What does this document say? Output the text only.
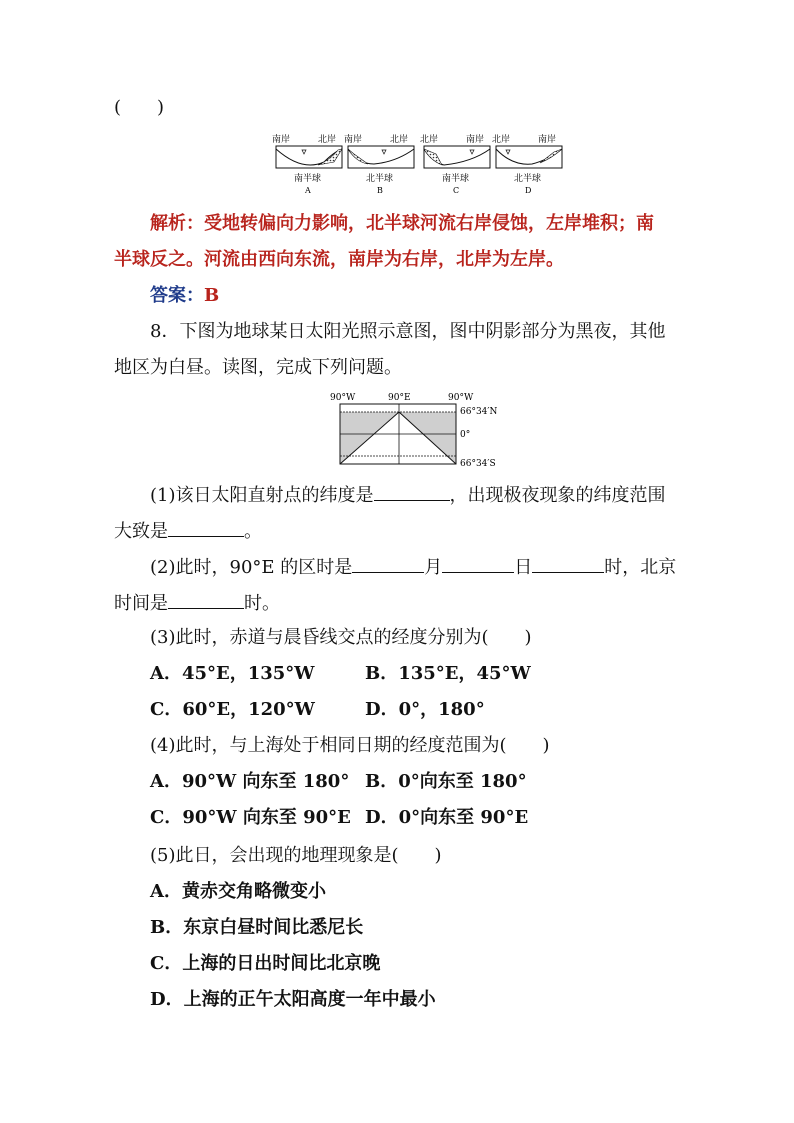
(　　)
南岸	北岸
南半球
A
南岸	北岸
北半球
B
北岸	南岸
南半球
C
北岸	南岸
北半球
D
解析：受地转偏向力影响，北半球河流右岸侵蚀，左岸堆积；南
半球反之。河流由西向东流，南岸为右岸，北岸为左岸。
答案：B
8．下图为地球某日太阳光照示意图，图中阴影部分为黑夜，其他
地区为白昼。读图，完成下列问题。
90°W	90°E	90°W
66°34′N
0°
66°34′S
(1)该日太阳直射点的纬度是	，出现极夜现象的纬度范围
大致是	。
(2)此时，90°E 的区时是	月	日	时，北京
时间是	时。
(3)此时，赤道与晨昏线交点的经度分别为(　　)
A．45°E，135°W	B．135°E，45°W
C．60°E，120°W	D．0°，180°
(4)此时，与上海处于相同日期的经度范围为(　　)
A．90°W 向东至 180° B．0°向东至 180°
C．90°W 向东至 90°E D．0°向东至 90°E
(5)此日，会出现的地理现象是(　　)
A．黄赤交角略微变小
B．东京白昼时间比悉尼长
C．上海的日出时间比北京晚
D．上海的正午太阳高度一年中最小
